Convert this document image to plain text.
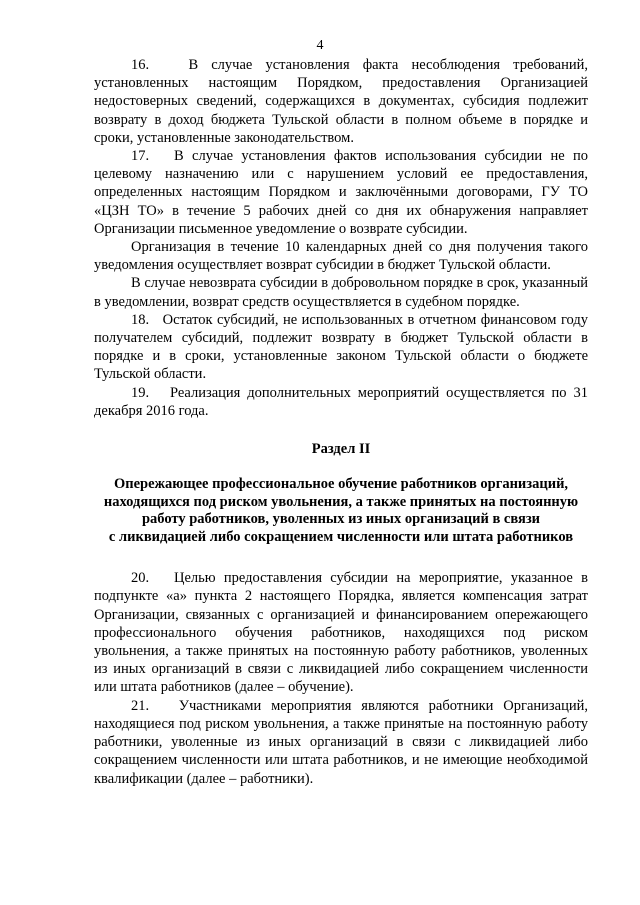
4

16.   В случае установления факта несоблюдения требований, установленных настоящим Порядком, предоставления Организацией недостоверных сведений, содержащихся в документах, субсидия подлежит возврату в доход бюджета Тульской области в полном объеме в порядке и сроки, установленные законодательством.

17.   В случае установления фактов использования субсидии не по целевому назначению или с нарушением условий ее предоставления, определенных настоящим Порядком и заключёнными договорами, ГУ ТО «ЦЗН ТО» в течение 5 рабочих дней со дня их обнаружения направляет Организации письменное уведомление о возврате субсидии.

Организация в течение 10 календарных дней со дня получения такого уведомления осуществляет возврат субсидии в бюджет Тульской области.

В случае невозврата субсидии в добровольном порядке в срок, указанный в уведомлении, возврат средств осуществляется в судебном порядке.

18.   Остаток субсидий, не использованных в отчетном финансовом году получателем субсидий, подлежит возврату в бюджет Тульской области в порядке и в сроки, установленные законом Тульской области о бюджете Тульской области.

19.   Реализация дополнительных мероприятий осуществляется по 31 декабря 2016 года.

Раздел II
Опережающее профессиональное обучение работников организаций,
находящихся под риском увольнения, а также принятых на постоянную
работу работников, уволенных из иных организаций в связи
с ликвидацией либо сокращением численности или штата работников

20.   Целью предоставления субсидии на мероприятие, указанное в подпункте «а» пункта 2 настоящего Порядка, является компенсация затрат Организации, связанных с организацией и финансированием опережающего профессионального обучения работников, находящихся под риском увольнения, а также принятых на постоянную работу работников, уволенных из иных организаций в связи с ликвидацией либо сокращением численности или штата работников (далее – обучение).

21.   Участниками мероприятия являются работники Организаций, находящиеся под риском увольнения, а также принятые на постоянную работу работники, уволенные из иных организаций в связи с ликвидацией либо сокращением численности или штата работников, и не имеющие необходимой квалификации (далее – работники).
